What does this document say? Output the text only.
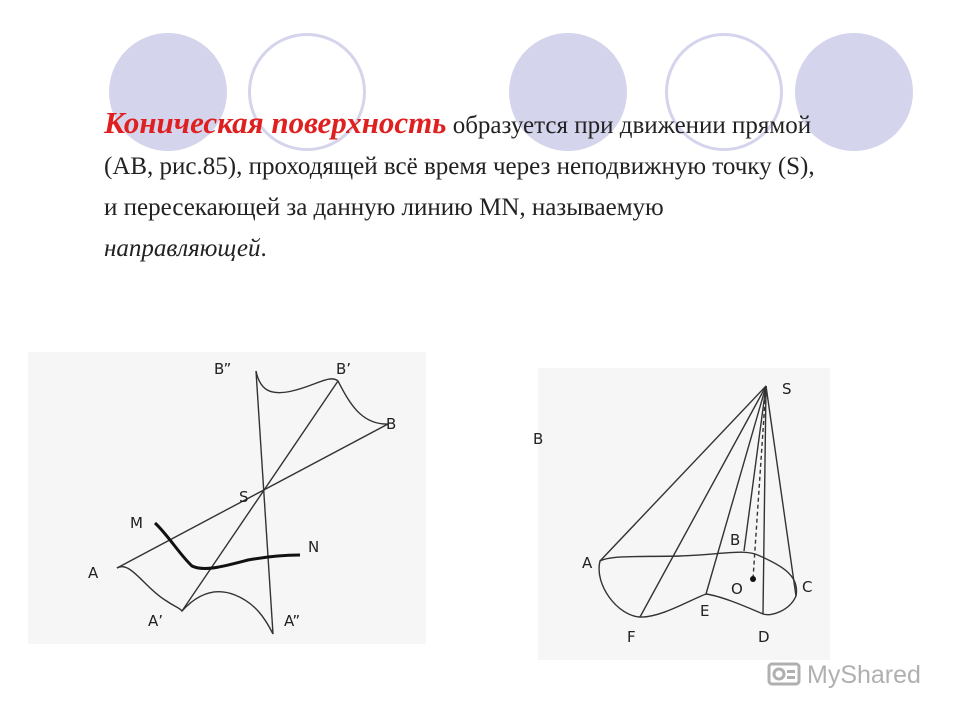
Коническая поверхность образуется при движении прямой (AB, рис.85), проходящей всё время через неподвижную точку (S), и пересекающей за данную линию MN, называемую направляющей.
B”	B’
B
S
M
N
A
A’	A”
S
B
B
A
O	C
E
F	D
MyShared
